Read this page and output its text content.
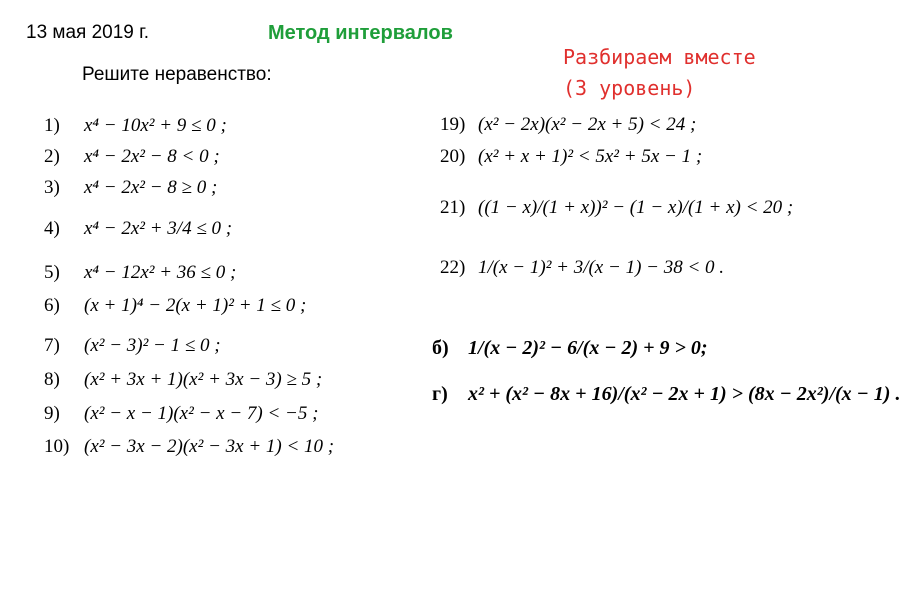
13 мая 2019 г.	Метод интервалов
Решите неравенство:
Разбираем вместе
(3 уровень)
1) x⁴ − 10x² + 9 ≤ 0 ;
2) x⁴ − 2x² − 8 < 0 ;
3) x⁴ − 2x² − 8 ≥ 0 ;
4) x⁴ − 2x² + 3/4 ≤ 0 ;
5) x⁴ − 12x² + 36 ≤ 0 ;
6) (x + 1)⁴ − 2(x + 1)² + 1 ≤ 0 ;
7) (x² − 3)² − 1 ≤ 0 ;
8) (x² + 3x + 1)(x² + 3x − 3) ≥ 5 ;
9) (x² − x − 1)(x² − x − 7) < −5 ;
10) (x² − 3x − 2)(x² − 3x + 1) < 10 ;
19) (x² − 2x)(x² − 2x + 5) < 24 ;
20) (x² + x + 1)² < 5x² + 5x − 1 ;
21) ((1 − x)/(1 + x))² − (1 − x)/(1 + x) < 20 ;
22) 1/(x − 1)² + 3/(x − 1) − 38 < 0 .
б) 1/(x − 2)² − 6/(x − 2) + 9 > 0;
г) x² + (x² − 8x + 16)/(x² − 2x + 1) > (8x − 2x²)/(x − 1) .
